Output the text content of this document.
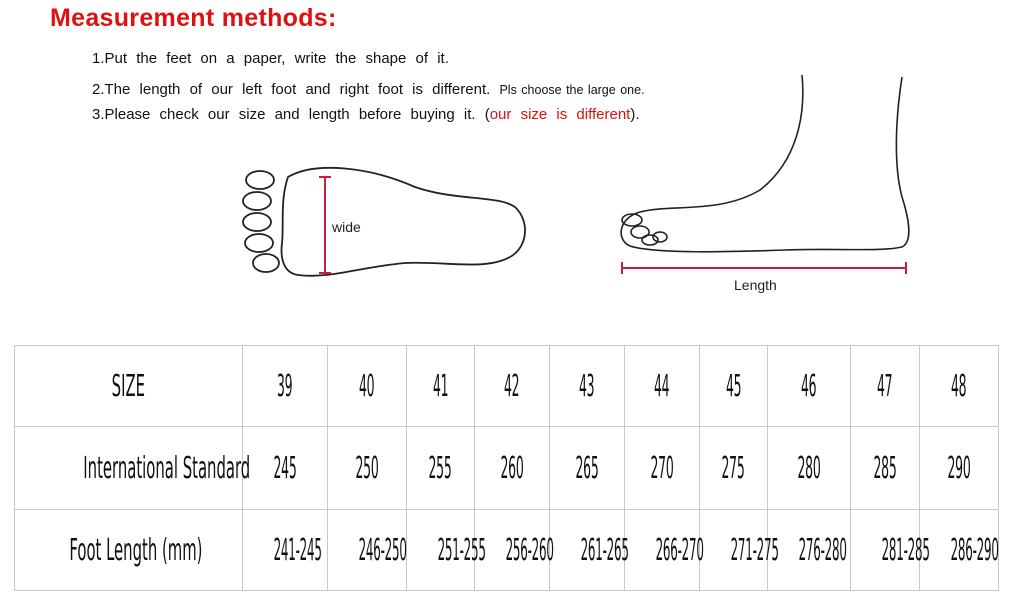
Measurement methods:
1.Put the feet on a paper, write the shape of it.
2.The length of our left foot and right foot is different. Pls choose the large one.
3.Please check our size and length before buying it. (our size is different).
wide
Length
SIZE	39	40	41	42	43	44	45	46	47	48
International Standard	245	250	255	260	265	270	275	280	285	290
Foot Length (mm)	241-245	246-250	251-255	256-260	261-265	266-270	271-275	276-280	281-285	286-290
